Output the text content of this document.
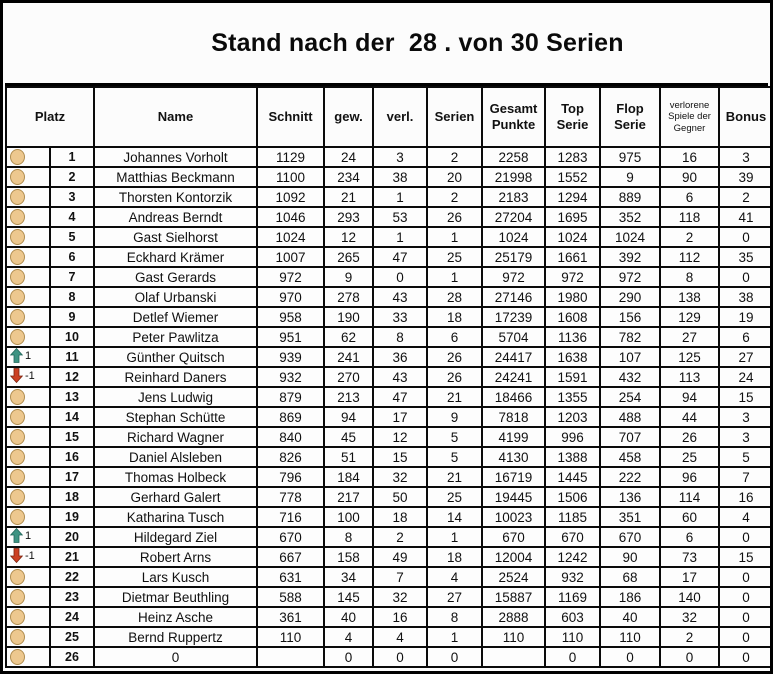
Stand nach der  28 . von 30 Serien
Platz		Name	Schnitt	gew.	verl.	Serien	Gesamt Punkte	Top Serie	Flop Serie	verlorene Spiele der Gegner	Bonus
	1	Johannes Vorholt	1129	24	3	2	2258	1283	975	16	3
	2	Matthias Beckmann	1100	234	38	20	21998	1552	9	90	39
	3	Thorsten Kontorzik	1092	21	1	2	2183	1294	889	6	2
	4	Andreas Berndt	1046	293	53	26	27204	1695	352	118	41
	5	Gast Sielhorst	1024	12	1	1	1024	1024	1024	2	0
	6	Eckhard Krämer	1007	265	47	25	25179	1661	392	112	35
	7	Gast Gerards	972	9	0	1	972	972	972	8	0
	8	Olaf Urbanski	970	278	43	28	27146	1980	290	138	38
	9	Detlef Wiemer	958	190	33	18	17239	1608	156	129	19
	10	Peter Pawlitza	951	62	8	6	5704	1136	782	27	6

1	11	Günther Quitsch	939	241	36	26	24417	1638	107	125	27

-1	12	Reinhard Daners	932	270	43	26	24241	1591	432	113	24
	13	Jens Ludwig	879	213	47	21	18466	1355	254	94	15
	14	Stephan Schütte	869	94	17	9	7818	1203	488	44	3
	15	Richard Wagner	840	45	12	5	4199	996	707	26	3
	16	Daniel Alsleben	826	51	15	5	4130	1388	458	25	5
	17	Thomas Holbeck	796	184	32	21	16719	1445	222	96	7
	18	Gerhard Galert	778	217	50	25	19445	1506	136	114	16
	19	Katharina Tusch	716	100	18	14	10023	1185	351	60	4

1	20	Hildegard Ziel	670	8	2	1	670	670	670	6	0

-1	21	Robert Arns	667	158	49	18	12004	1242	90	73	15
	22	Lars Kusch	631	34	7	4	2524	932	68	17	0
	23	Dietmar Beuthling	588	145	32	27	15887	1169	186	140	0
	24	Heinz Asche	361	40	16	8	2888	603	40	32	0
	25	Bernd Ruppertz	110	4	4	1	110	110	110	2	0
	26	0		0	0	0		0	0	0	0
